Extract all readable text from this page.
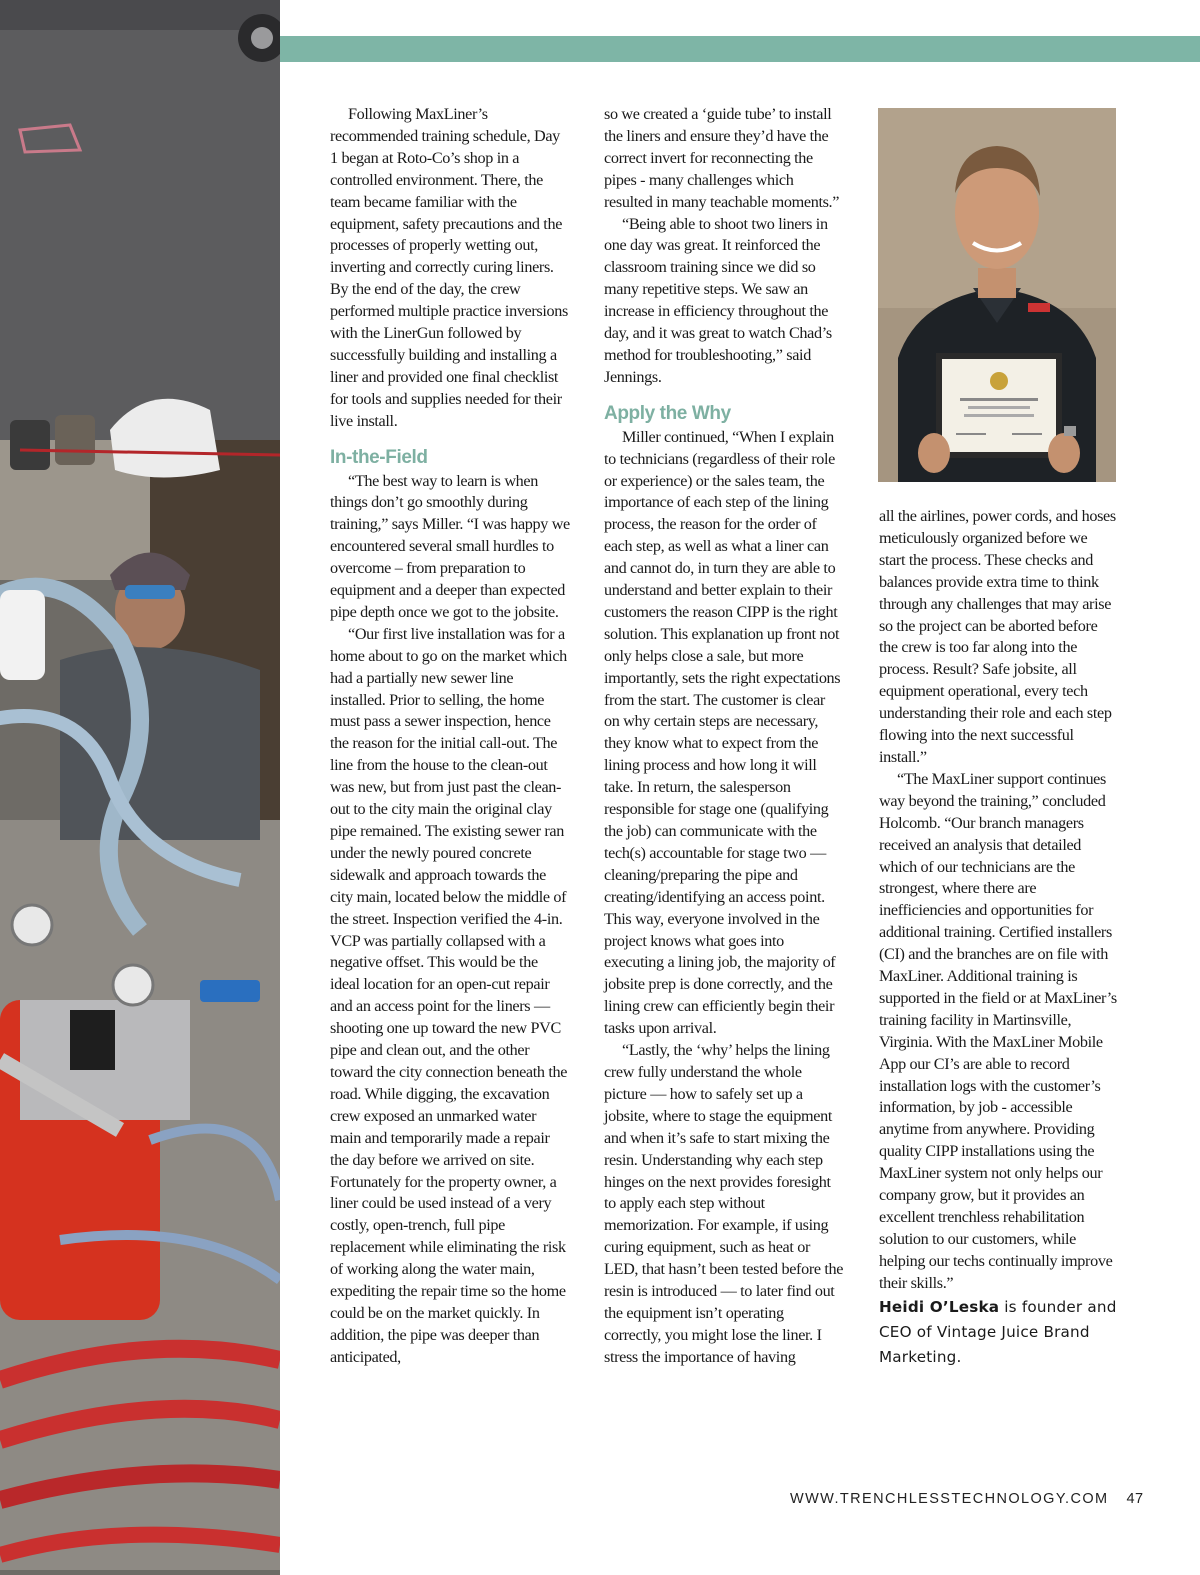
Following MaxLiner’s recommended training schedule, Day 1 began at Roto-Co’s shop in a controlled environment. There, the team became familiar with the equipment, safety precautions and the processes of properly wetting out, inverting and correctly curing liners. By the end of the day, the crew performed multiple practice inversions with the LinerGun followed by successfully building and installing a liner and provided one final checklist for tools and supplies needed for their live install.

In-the-Field

“The best way to learn is when things don’t go smoothly during training,” says Miller. “I was happy we encountered several small hurdles to overcome – from preparation to equipment and a deeper than expected pipe depth once we got to the jobsite.

“Our first live installation was for a home about to go on the market which had a partially new sewer line installed. Prior to selling, the home must pass a sewer inspection, hence the reason for the initial call-out. The line from the house to the clean-out was new, but from just past the clean-out to the city main the original clay pipe remained. The existing sewer ran under the newly poured concrete sidewalk and approach towards the city main, located below the middle of the street. Inspection verified the 4-in. VCP was partially collapsed with a negative offset. This would be the ideal location for an open-cut repair and an access point for the liners — shooting one up toward the new PVC pipe and clean out, and the other toward the city connection beneath the road. While digging, the excavation crew exposed an unmarked water main and temporarily made a repair the day before we arrived on site. Fortunately for the property owner, a liner could be used instead of a very costly, open-trench, full pipe replacement while eliminating the risk of working along the water main, expediting the repair time so the home could be on the market quickly. In addition, the pipe was deeper than anticipated,

so we created a ‘guide tube’ to install the liners and ensure they’d have the correct invert for reconnecting the pipes - many challenges which resulted in many teachable moments.”

“Being able to shoot two liners in one day was great. It reinforced the classroom training since we did so many repetitive steps. We saw an increase in efficiency throughout the day, and it was great to watch Chad’s method for troubleshooting,” said Jennings.

Apply the Why

Miller continued, “When I explain to technicians (regardless of their role or experience) or the sales team, the importance of each step of the lining process, the reason for the order of each step, as well as what a liner can and cannot do, in turn they are able to understand and better explain to their customers the reason CIPP is the right solution. This explanation up front not only helps close a sale, but more importantly, sets the right expectations from the start. The customer is clear on why certain steps are necessary, they know what to expect from the lining process and how long it will take. In return, the salesperson responsible for stage one (qualifying the job) can communicate with the tech(s) accountable for stage two — cleaning/preparing the pipe and creating/identifying an access point. This way, everyone involved in the project knows what goes into executing a lining job, the majority of jobsite prep is done correctly, and the lining crew can efficiently begin their tasks upon arrival.

“Lastly, the ‘why’ helps the lining crew fully understand the whole picture — how to safely set up a jobsite, where to stage the equipment and when it’s safe to start mixing the resin. Understanding why each step hinges on the next provides foresight to apply each step without memorization. For example, if using curing equipment, such as heat or LED, that hasn’t been tested before the resin is introduced — to later find out the equipment isn’t operating correctly, you might lose the liner. I stress the importance of having

all the airlines, power cords, and hoses meticulously organized before we start the process. These checks and balances provide extra time to think through any challenges that may arise so the project can be aborted before the crew is too far along into the process. Result? Safe jobsite, all equipment operational, every tech understanding their role and each step flowing into the next successful install.”

“The MaxLiner support continues way beyond the training,” concluded Holcomb. “Our branch managers received an analysis that detailed which of our technicians are the strongest, where there are inefficiencies and opportunities for additional training. Certified installers (CI) and the branches are on file with MaxLiner. Additional training is supported in the field or at MaxLiner’s training facility in Martinsville, Virginia. With the MaxLiner Mobile App our CI’s are able to record installation logs with the customer’s information, by job - accessible anytime from anywhere. Providing quality CIPP installations using the MaxLiner system not only helps our company grow, but it provides an excellent trenchless rehabilitation solution to our customers, while helping our techs continually improve their skills.”

Heidi O’Leska is founder and CEO of Vintage Juice Brand Marketing.

WWW.TRENCHLESSTECHNOLOGY.COM 47
